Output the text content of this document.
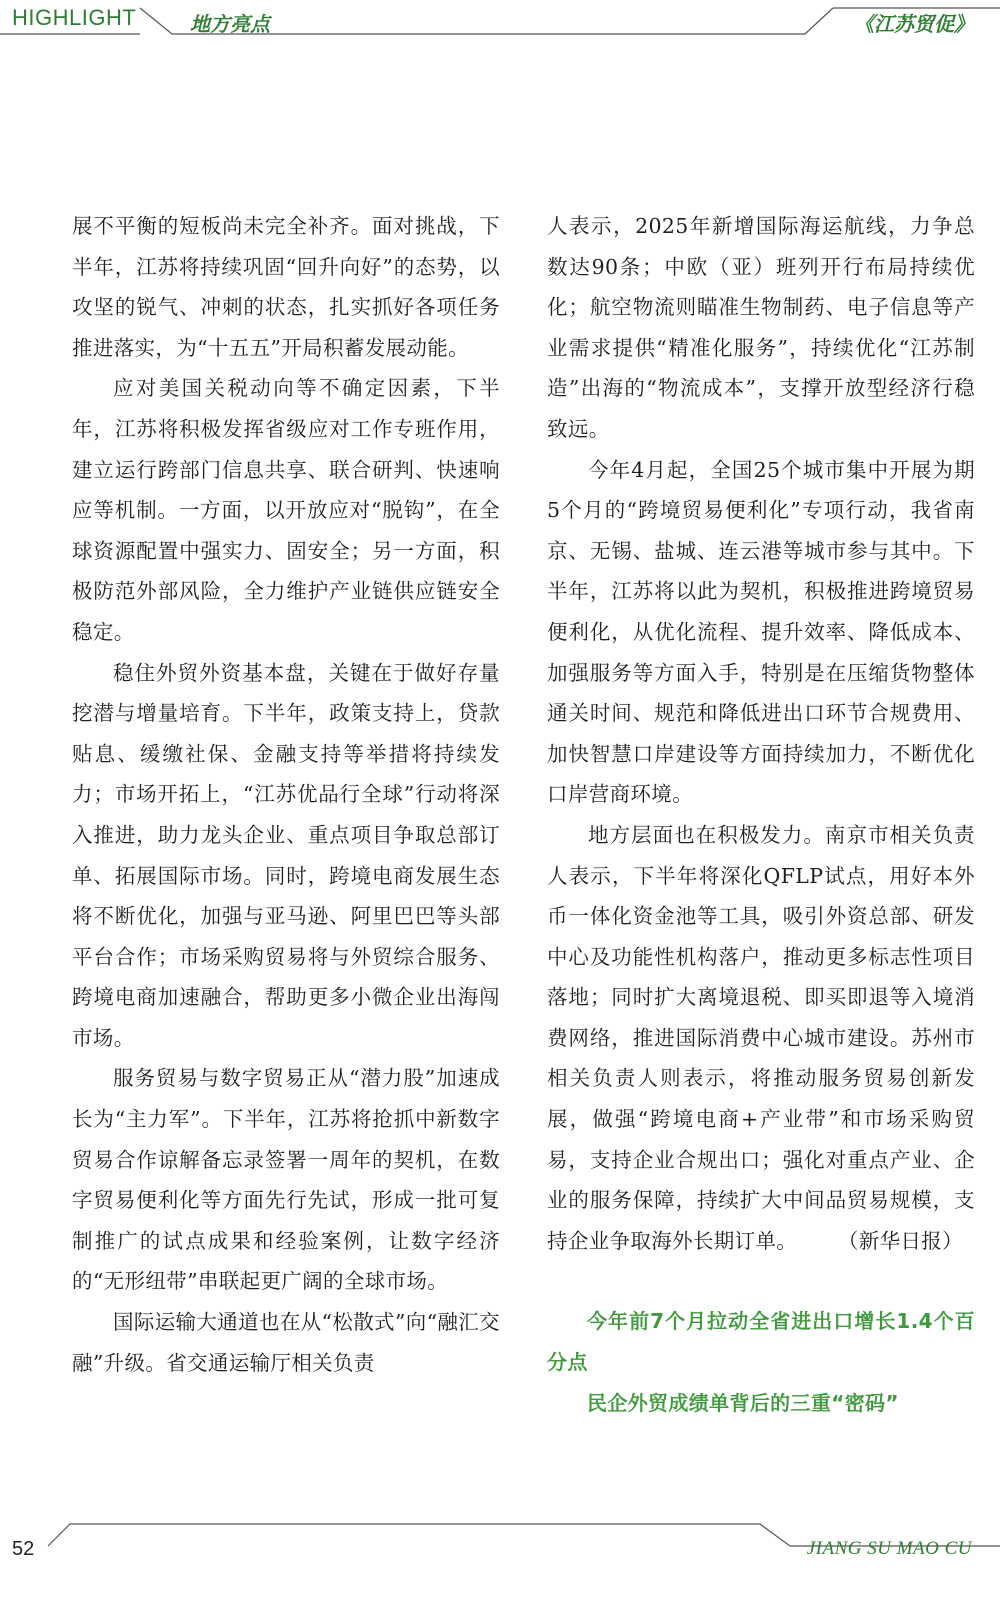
HIGHLIGHT	地方亮点	《江苏贸促》

展不平衡的短板尚未完全补齐。面对挑战，下半年，江苏将持续巩固“回升向好”的态势，以攻坚的锐气、冲刺的状态，扎实抓好各项任务推进落实，为“十五五”开局积蓄发展动能。

应对美国关税动向等不确定因素，下半年，江苏将积极发挥省级应对工作专班作用，建立运行跨部门信息共享、联合研判、快速响应等机制。一方面，以开放应对“脱钩”，在全球资源配置中强实力、固安全；另一方面，积极防范外部风险，全力维护产业链供应链安全稳定。

稳住外贸外资基本盘，关键在于做好存量挖潜与增量培育。下半年，政策支持上，贷款贴息、缓缴社保、金融支持等举措将持续发力；市场开拓上，“江苏优品行全球”行动将深入推进，助力龙头企业、重点项目争取总部订单、拓展国际市场。同时，跨境电商发展生态将不断优化，加强与亚马逊、阿里巴巴等头部平台合作；市场采购贸易将与外贸综合服务、跨境电商加速融合，帮助更多小微企业出海闯市场。

服务贸易与数字贸易正从“潜力股”加速成长为“主力军”。下半年，江苏将抢抓中新数字贸易合作谅解备忘录签署一周年的契机，在数字贸易便利化等方面先行先试，形成一批可复制推广的试点成果和经验案例，让数字经济的“无形纽带”串联起更广阔的全球市场。

国际运输大通道也在从“松散式”向“融汇交融”升级。省交通运输厅相关负责

人表示，2025年新增国际海运航线，力争总数达90条；中欧（亚）班列开行布局持续优化；航空物流则瞄准生物制药、电子信息等产业需求提供“精准化服务”，持续优化“江苏制造”出海的“物流成本”，支撑开放型经济行稳致远。

今年4月起，全国25个城市集中开展为期5个月的“跨境贸易便利化”专项行动，我省南京、无锡、盐城、连云港等城市参与其中。下半年，江苏将以此为契机，积极推进跨境贸易便利化，从优化流程、提升效率、降低成本、加强服务等方面入手，特别是在压缩货物整体通关时间、规范和降低进出口环节合规费用、加快智慧口岸建设等方面持续加力，不断优化口岸营商环境。

地方层面也在积极发力。南京市相关负责人表示，下半年将深化QFLP试点，用好本外币一体化资金池等工具，吸引外资总部、研发中心及功能性机构落户，推动更多标志性项目落地；同时扩大离境退税、即买即退等入境消费网络，推进国际消费中心城市建设。苏州市相关负责人则表示，将推动服务贸易创新发展，做强“跨境电商+产业带”和市场采购贸易，支持企业合规出口；强化对重点产业、企业的服务保障，持续扩大中间品贸易规模，支持企业争取海外长期订单。	（新华日报）

今年前7个月拉动全省进出口增长1.4个百分点

民企外贸成绩单背后的三重“密码”

52	JIANG SU MAO CU
